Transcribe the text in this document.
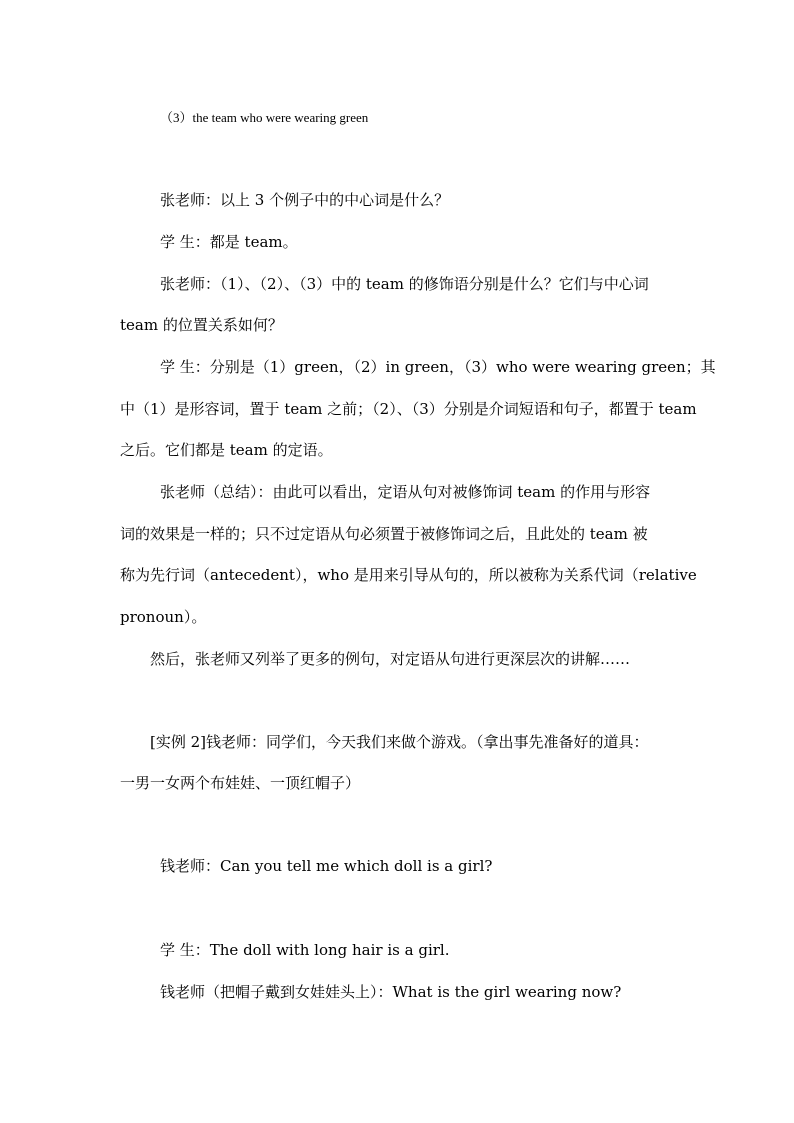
（3）the team who were wearing green
张老师：以上 3 个例子中的中心词是什么？
学 生：都是 team。
张老师：（1）、（2）、（3）中的 team 的修饰语分别是什么？它们与中心词
team 的位置关系如何？
学 生：分别是（1）green，（2）in green，（3）who were wearing green；其
中（1）是形容词，置于 team 之前；（2）、（3）分别是介词短语和句子，都置于 team
之后。它们都是 team 的定语。
张老师（总结）：由此可以看出，定语从句对被修饰词 team 的作用与形容
词的效果是一样的；只不过定语从句必须置于被修饰词之后，且此处的 team 被
称为先行词（antecedent），who 是用来引导从句的，所以被称为关系代词（relative
pronoun）。
然后，张老师又列举了更多的例句，对定语从句进行更深层次的讲解……
[实例 2]钱老师：同学们，今天我们来做个游戏。（拿出事先准备好的道具：
一男一女两个布娃娃、一顶红帽子）
钱老师：Can you tell me which doll is a girl?
学 生：The doll with long hair is a girl.
钱老师（把帽子戴到女娃娃头上）：What is the girl wearing now?
